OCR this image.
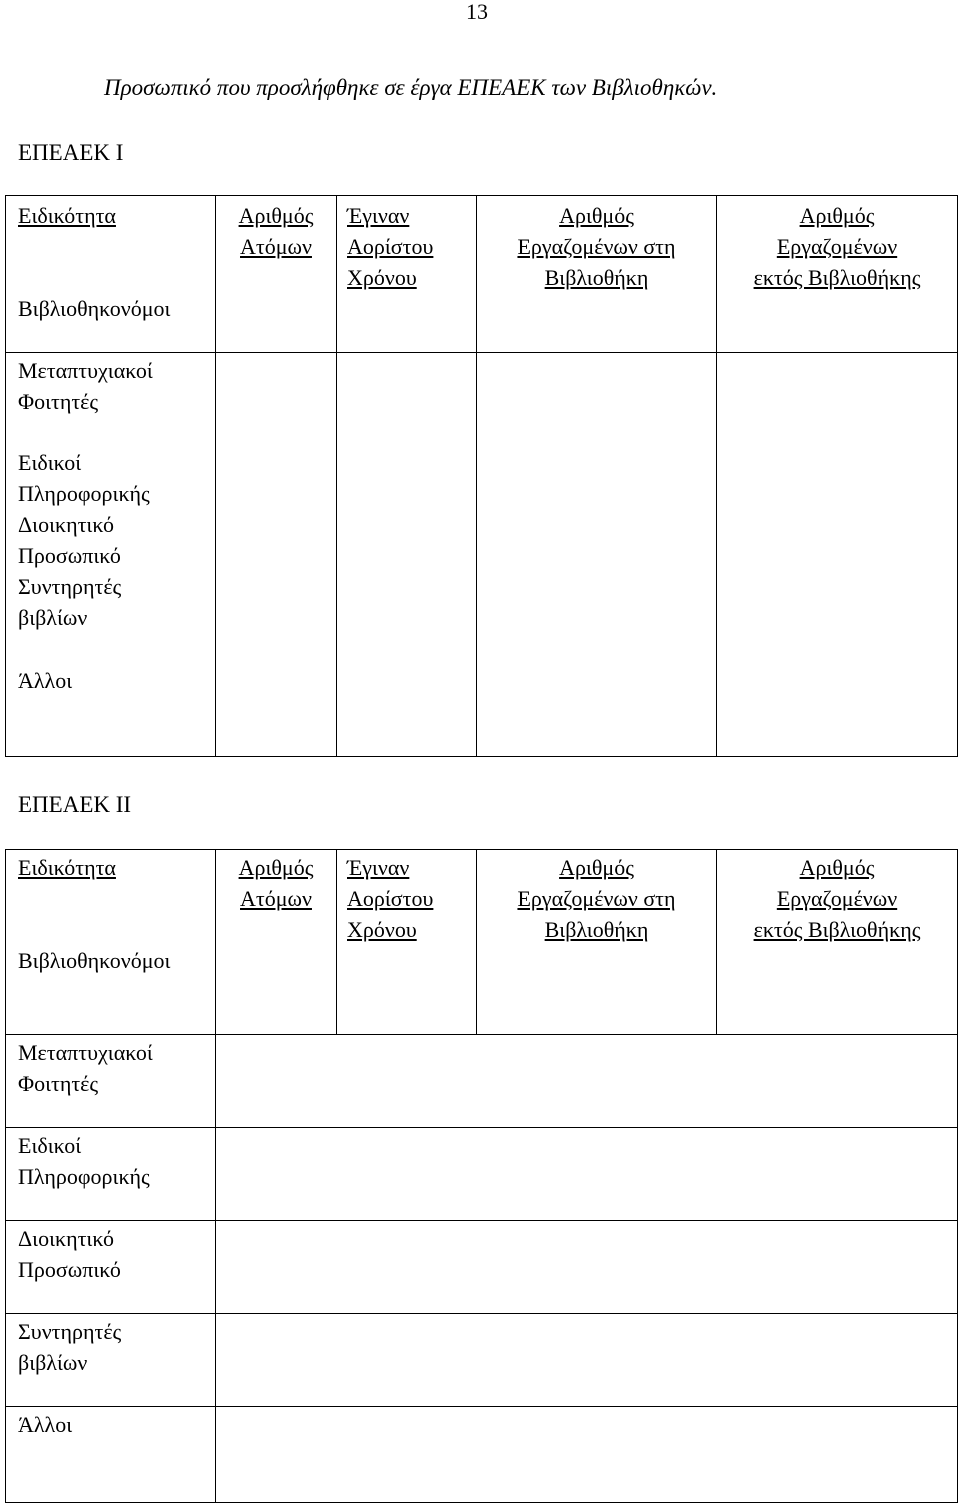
13
Προσωπικό που προσλήφθηκε σε έργα ΕΠΕΑΕΚ των Βιβλιοθηκών.
ΕΠΕΑΕΚ Ι
Ειδικότητα	Αριθμός
Ατόμων
Έγιναν
Αορίστου
Χρόνου
Αριθμός
Εργαζομένων στη
Βιβλιοθήκη
Αριθμός
Εργαζομένων
εκτός Βιβλιοθήκης
Βιβλιοθηκονόμοι
Μεταπτυχιακοί
Φοιτητές
Ειδικοί
Πληροφορικής
Διοικητικό
Προσωπικό
Συντηρητές
βιβλίων
Άλλοι
ΕΠΕΑΕΚ ΙΙ
Ειδικότητα	Αριθμός
Ατόμων
Έγιναν
Αορίστου
Χρόνου
Αριθμός
Εργαζομένων στη
Βιβλιοθήκη
Αριθμός
Εργαζομένων
εκτός Βιβλιοθήκης
Βιβλιοθηκονόμοι
Μεταπτυχιακοί
Φοιτητές
Ειδικοί
Πληροφορικής
Διοικητικό
Προσωπικό
Συντηρητές
βιβλίων
Άλλοι
